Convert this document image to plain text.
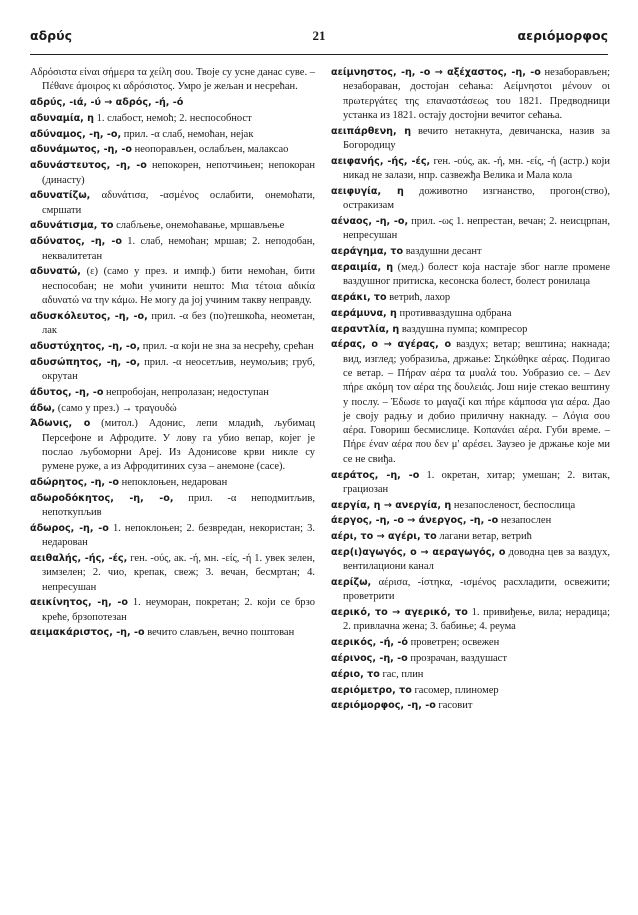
21
αδρύς	αεριόμορφος

Αδρόσιστα είναι σήμερα τα χείλη σου. Твоје су усне данас суве. – Πέθανε άμοιρος κι αδρόσιστος. Умро је жељан и несрећан.

αδρύς, -ιά, -ύ → αδρός, -ή, -ό

αδυναμία, η 1. слабост, немоћ; 2. неспособност

αδύναμος, -η, -ο, прил. -α слаб, немоћан, нејак

αδυνάμωτος, -η, -ο неопорављен, ослабљен, малаксао

αδυνάστευτος, -η, -ο непокорен, непотчињен; непокоран (династу)

αδυνατίζω, αδυνάτισα, -ασμένος ослабити, онемоћати, смршати

αδυνάτισμα, το слабљење, онемоћавање, мршављење

αδύνατος, -η, -ο 1. слаб, немоћан; мршав; 2. неподобан, неквалитетан

αδυνατώ, (ε) (само у през. и импф.) бити немоћан, бити неспособан; не моћи учинити нешто: Μια τέτοια αδικία αδυνατώ να την κάμω. Не могу да јој учиним такву неправду.

αδυσκόλευτος, -η, -ο, прил. -α без (по)тешкоћа, неометан, лак

αδυστύχητος, -η, -ο, прил. -α који не зна за несрећу, срећан

αδυσώπητος, -η, -ο, прил. -α неосетљив, неумољив; груб, окрутан

άδυτος, -η, -ο непробојан, непролазан; недоступан

άδω, (само у през.) → τραγουδώ

Άδωνις, ο (митол.) Адонис, лепи младић, љубимац Персефоне и Афродите. У лову га убио вепар, којег је послао љубоморни Ареј. Из Адонисове крви никле су румене руже, а из Афродитиних суза – анемоне (сасе).

αδώρητος, -η, -ο непоклоњен, недарован

αδωροδόκητος, -η, -ο, прил. -α неподмитљив, непоткупљив

άδωρος, -η, -ο 1. непоклоњен; 2. безвредан, некористан; 3. недарован

αειθαλής, -ής, -ές, ген. -ούς, ак. -ή, мн. -είς, -ή 1. увек зелен, зимзелен; 2. чио, крепак, свеж; 3. вечан, бесмртан; 4. непресушан

αεικίνητος, -η, -ο 1. неуморан, покретан; 2. који се брзо креће, брзопотезан

αειμακάριστος, -η, -ο вечито слављен, вечно поштован

αείμνηστος, -η, -ο → αξέχαστος, -η, -ο незаборављен; незабораван, достојан сећања: Αείμνηστοι μένουν οι πρωτεργάτες της επαναστάσεως του 1821. Предводници устанка из 1821. остају достојни вечитог сећања.

αειπάρθενη, η вечито нетакнута, девичанска, назив за Богородицу

αειφανής, -ής, -ές, ген. -ούς, ак. -ή, мн. -είς, -ή (астр.) који никад не залази, нпр. сазвежђа Велика и Мала кола

αειφυγία, η доживотно изгнанство, прогон(ство), остракизам

αέναος, -η, -ο, прил. -ως 1. непрестан, вечан; 2. неисцрпан, непресушан

αεράγημα, το ваздушни десант

αεραιμία, η (мед.) болест која настаје због нагле промене ваздушног притиска, кесонска болест, болест ронилаца

αεράκι, το ветрић, лахор

αεράμυνα, η противваздушна одбрана

αεραντλία, η ваздушна пумпа; компресор

αέρας, ο → αγέρας, ο ваздух; ветар; вештина; накнада; вид, изглед; уобразиља, држање: Σηκώθηκε αέρας. Подигао се ветар. – Πήραν αέρα τα μυαλά του. Уобразио се. – Δεν πήρε ακόμη τον αέρα της δουλειάς. Још није стекао вештину у послу. – Έδωσε το μαγαζί και πήρε κάμποσα για αέρα. Дао је своју радњу и добио приличну накнаду. – Λόγια σου αέρα. Говориш бесмислице. Κοπανάει αέρα. Губи време. – Πήρε έναν αέρα που δεν μ' αρέσει. Заузео је држање које ми се не свиђа.

αεράτος, -η, -ο 1. окретан, хитар; умешан; 2. витак, грациозан

αεργία, η → ανεργία, η незапосленост, беспослица

άεργος, -η, -ο → άνεργος, -η, -ο незапослен

αέρι, το → αγέρι, το лагани ветар, ветрић

αερ(ι)αγωγός, ο → αεραγωγός, ο доводна цев за ваздух, вентилациони канал

αερίζω, αέρισα, -ίστηκα, -ισμένος расхладити, освежити; проветрити

αερικό, το → αγερικό, το 1. привиђење, вила; нерадица; 2. привлачна жена; 3. бабиње; 4. реума

αερικός, -ή, -ό проветрен; освежен

αέρινος, -η, -ο прозрачан, ваздушаст

αέριο, το гас, плин

αεριόμετρο, το гасомер, плиномер

αεριόμορφος, -η, -ο гасовит
